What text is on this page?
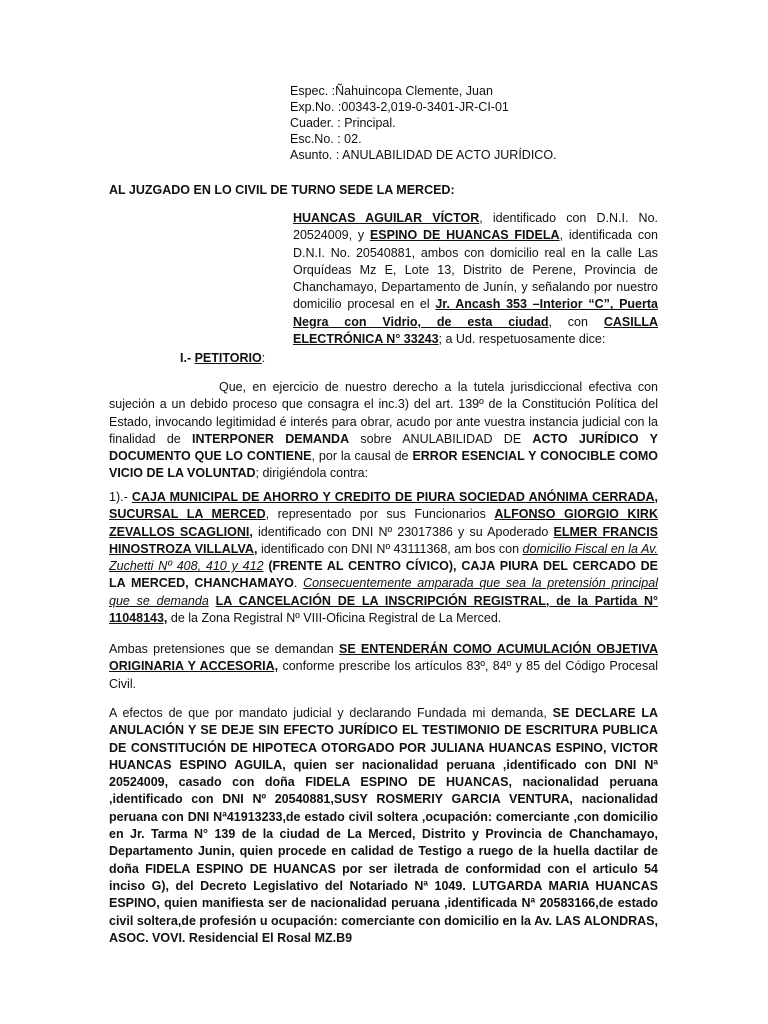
Espec. :Ñahuincopa Clemente, Juan
Exp.No. :00343-2,019-0-3401-JR-CI-01
Cuader. : Principal.
Esc.No. : 02.
Asunto. : ANULABILIDAD DE ACTO JURÍDICO.
AL JUZGADO EN LO CIVIL DE TURNO SEDE LA MERCED:

HUANCAS AGUILAR VÍCTOR, identificado con D.N.I. No. 20524009, y ESPINO DE HUANCAS FIDELA, identificada con D.N.I. No. 20540881, ambos con domicilio real en la calle Las Orquídeas Mz E, Lote 13, Distrito de Perene, Provincia de Chanchamayo, Departamento de Junín, y señalando por nuestro domicilio procesal en el Jr. Ancash 353 –Interior “C”, Puerta Negra con Vidrio, de esta ciudad, con CASILLA ELECTRÓNICA N° 33243; a Ud. respetuosamente dice:

I.- PETITORIO:

Que, en ejercicio de nuestro derecho a la tutela jurisdiccional efectiva con sujeción a un debido proceso que consagra el inc.3) del art. 139º de la Constitución Política del Estado, invocando legitimidad é interés para obrar, acudo por ante vuestra instancia judicial con la finalidad de INTERPONER DEMANDA sobre ANULABILIDAD DE ACTO JURÍDICO Y DOCUMENTO QUE LO CONTIENE, por la causal de ERROR ESENCIAL Y CONOCIBLE COMO VICIO DE LA VOLUNTAD; dirigiéndola contra:

1).- CAJA MUNICIPAL DE AHORRO Y CREDITO DE PIURA SOCIEDAD ANÓNIMA CERRADA, SUCURSAL LA MERCED, representado por sus Funcionarios ALFONSO GIORGIO KIRK ZEVALLOS SCAGLIONI, identificado con DNI Nº 23017386 y su Apoderado ELMER FRANCIS HINOSTROZA VILLALVA, identificado con DNI Nº 43111368, am bos con domicilio Fiscal en la Av. Zuchetti Nº 408, 410 y 412 (FRENTE AL CENTRO CÍVICO), CAJA PIURA DEL CERCADO DE LA MERCED, CHANCHAMAYO. Consecuentemente amparada que sea la pretensión principal que se demanda LA CANCELACIÓN DE LA INSCRIPCIÓN REGISTRAL, de la Partida N° 11048143, de la Zona Registral Nº VIII-Oficina Registral de La Merced.

Ambas pretensiones que se demandan SE ENTENDERÁN COMO ACUMULACIÓN OBJETIVA ORIGINARIA Y ACCESORIA, conforme prescribe los artículos 83º, 84º y 85 del Código Procesal Civil.

A efectos de que por mandato judicial y declarando Fundada mi demanda, SE DECLARE LA ANULACIÓN Y SE DEJE SIN EFECTO JURÍDICO EL TESTIMONIO DE ESCRITURA PUBLICA DE CONSTITUCIÓN DE HIPOTECA OTORGADO POR JULIANA HUANCAS ESPINO, VICTOR HUANCAS ESPINO AGUILA, quien ser nacionalidad peruana ,identificado con DNI Nª 20524009, casado con doña FIDELA ESPINO DE HUANCAS, nacionalidad peruana ,identificado con DNI Nº 20540881,SUSY ROSMERIY GARCIA VENTURA, nacionalidad peruana con DNI Nª41913233,de estado civil soltera ,ocupación: comerciante ,con domicilio en Jr. Tarma N° 139 de la ciudad de La Merced, Distrito y Provincia de Chanchamayo, Departamento Junin, quien procede en calidad de Testigo a ruego de la huella dactilar de doña FIDELA ESPINO DE HUANCAS por ser iletrada de conformidad con el articulo 54 inciso G), del Decreto Legislativo del Notariado Nª 1049. LUTGARDA MARIA HUANCAS ESPINO, quien manifiesta ser de nacionalidad peruana ,identificada Nª 20583166,de estado civil soltera,de profesión u ocupación: comerciante con domicilio en la Av. LAS ALONDRAS, ASOC. VOVI. Residencial El Rosal MZ.B9
